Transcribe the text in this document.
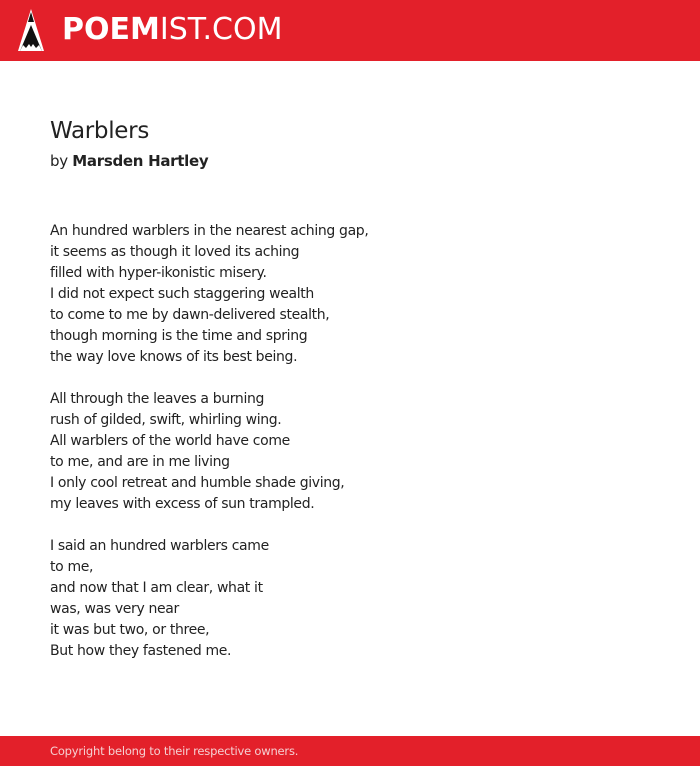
POEMIST.COM
Warblers

by Marsden Hartley

An hundred warblers in the nearest aching gap,
it seems as though it loved its aching
filled with hyper-ikonistic misery.
I did not expect such staggering wealth
to come to me by dawn-delivered stealth,
though morning is the time and spring
the way love knows of its best being.
All through the leaves a burning
rush of gilded, swift, whirling wing.
All warblers of the world have come
to me, and are in me living
I only cool retreat and humble shade giving,
my leaves with excess of sun trampled.
I said an hundred warblers came
to me,
and now that I am clear, what it
was, was very near
it was but two, or three,
But how they fastened me.
Copyright belong to their respective owners.
